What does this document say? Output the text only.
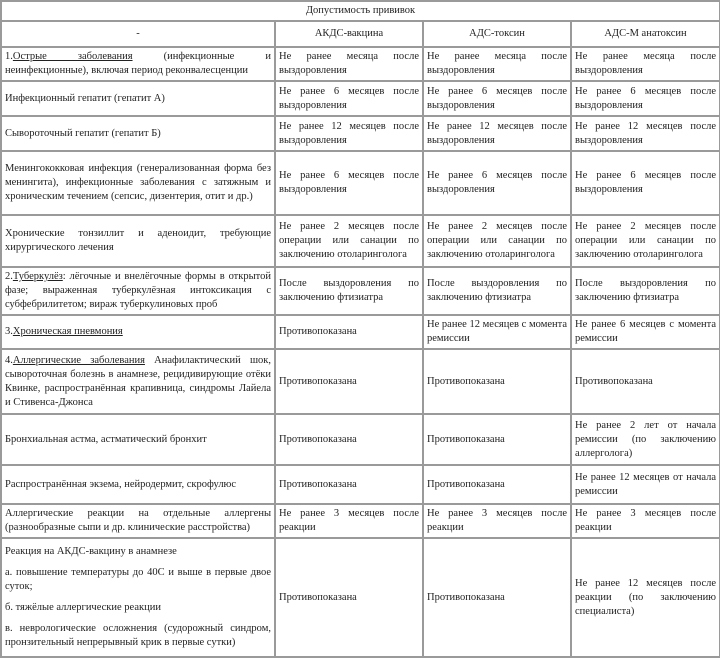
Допустимость прививок			
-	АКДС-вакцина	АДС-токсин	АДС-М анатоксин
1.Острые заболевания (инфекционные и неинфекционные), включая период реконвалесценции	Не ранее месяца после выздоровления	Не ранее месяца после выздоровления	Не ранее месяца после выздоровления
Инфекционный гепатит (гепатит А)	Не ранее 6 месяцев после выздоровления	Не ранее 6 месяцев после выздоровления	Не ранее 6 месяцев после выздоровления
Сывороточный гепатит (гепатит Б)	Не ранее 12 месяцев после выздоровления	Не ранее 12 месяцев после выздоровления	Не ранее 12 месяцев после выздоровления
Менингококковая инфекция (генерализованная форма без менингита), инфекционные заболевания с затяжным и хроническим течением (сепсис, дизентерия, отит и др.)	Не ранее 6 месяцев после выздоровления	Не ранее 6 месяцев после выздоровления	Не ранее 6 месяцев после выздоровления
Хронические тонзиллит и аденоидит, требующие хирургического лечения	Не ранее 2 месяцев после операции или санации по заключению отоларинголога	Не ранее 2 месяцев после операции или санации по заключению отоларинголога	Не ранее 2 месяцев после операции или санации по заключению отоларинголога
2.Туберкулёз: лёгочные и внелёгочные формы в открытой фазе; выраженная туберкулёзная интоксикация с субфебрилитетом; вираж туберкулиновых проб	После выздоровления по заключению фтизиатра	После выздоровления по заключению фтизиатра	После выздоровления по заключению фтизиатра
3.Хроническая пневмония	Противопоказана	Не ранее 12 месяцев с момента ремиссии	Не ранее 6 месяцев с момента ремиссии
4.Аллергические заболевания Анафилактический шок, сывороточная болезнь в анамнезе, рецидивирующие отёки Квинке, распространённая крапивница, синдромы Лайела и Стивенса-Джонса	Противопоказана	Противопоказана	Противопоказана
Бронхиальная астма, астматический бронхит	Противопоказана	Противопоказана	Не ранее 2 лет от начала ремиссии (по заключению аллерголога)
Распространённая экзема, нейродермит, скрофулюс	Противопоказана	Противопоказана	Не ранее 12 месяцев от начала ремиссии
Аллергические реакции на отдельные аллергены (разнообразные сыпи и др. клинические расстройства)	Не ранее 3 месяцев после реакции	Не ранее 3 месяцев после реакции	Не ранее 3 месяцев после реакции

Реакция на АКДС-вакцину в анамнезе

а. повышение температуры до 40С и выше в первые двое суток;

б. тяжёлые аллергические реакции

в. неврологические осложнения (судорожный синдром, пронзительный непрерывный крик в первые сутки)	Противопоказана	Противопоказана	Не ранее 12 месяцев после реакции (по заключению специалиста)
